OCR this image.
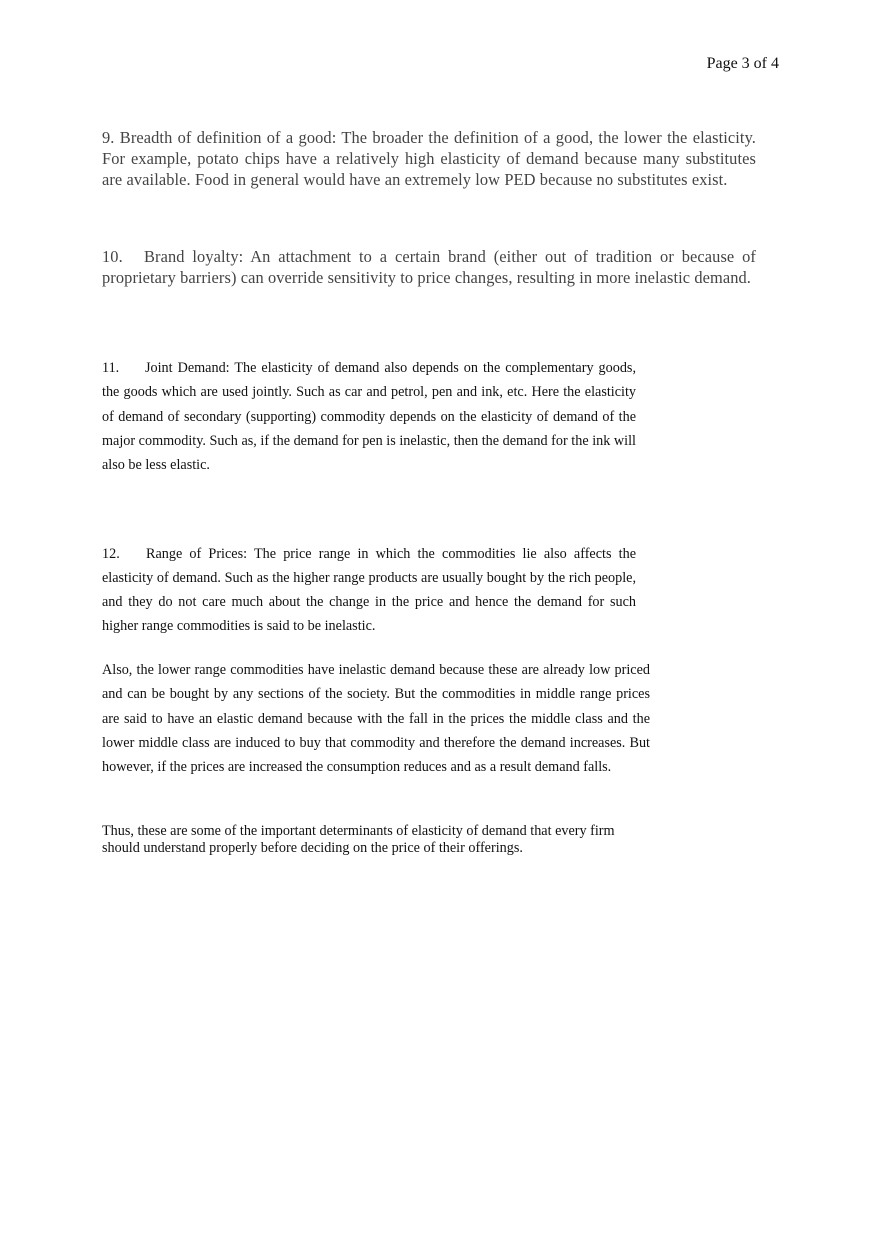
Page 3 of 4

9. Breadth of definition of a good: The broader the definition of a good, the lower the elasticity. For example, potato chips have a relatively high elasticity of demand because many substitutes are available. Food in general would have an extremely low PED because no substitutes exist.

10. Brand loyalty: An attachment to a certain brand (either out of tradition or because of proprietary barriers) can override sensitivity to price changes, resulting in more inelastic demand.

11. Joint Demand: The elasticity of demand also depends on the complementary goods, the goods which are used jointly. Such as car and petrol, pen and ink, etc. Here the elasticity of demand of secondary (supporting) commodity depends on the elasticity of demand of the major commodity. Such as, if the demand for pen is inelastic, then the demand for the ink will also be less elastic.

12. Range of Prices: The price range in which the commodities lie also affects the elasticity of demand. Such as the higher range products are usually bought by the rich people, and they do not care much about the change in the price and hence the demand for such higher range commodities is said to be inelastic.

Also, the lower range commodities have inelastic demand because these are already low priced and can be bought by any sections of the society. But the commodities in middle range prices are said to have an elastic demand because with the fall in the prices the middle class and the lower middle class are induced to buy that commodity and therefore the demand increases. But however, if the prices are increased the consumption reduces and as a result demand falls.

Thus, these are some of the important determinants of elasticity of demand that every firm should understand properly before deciding on the price of their offerings.
